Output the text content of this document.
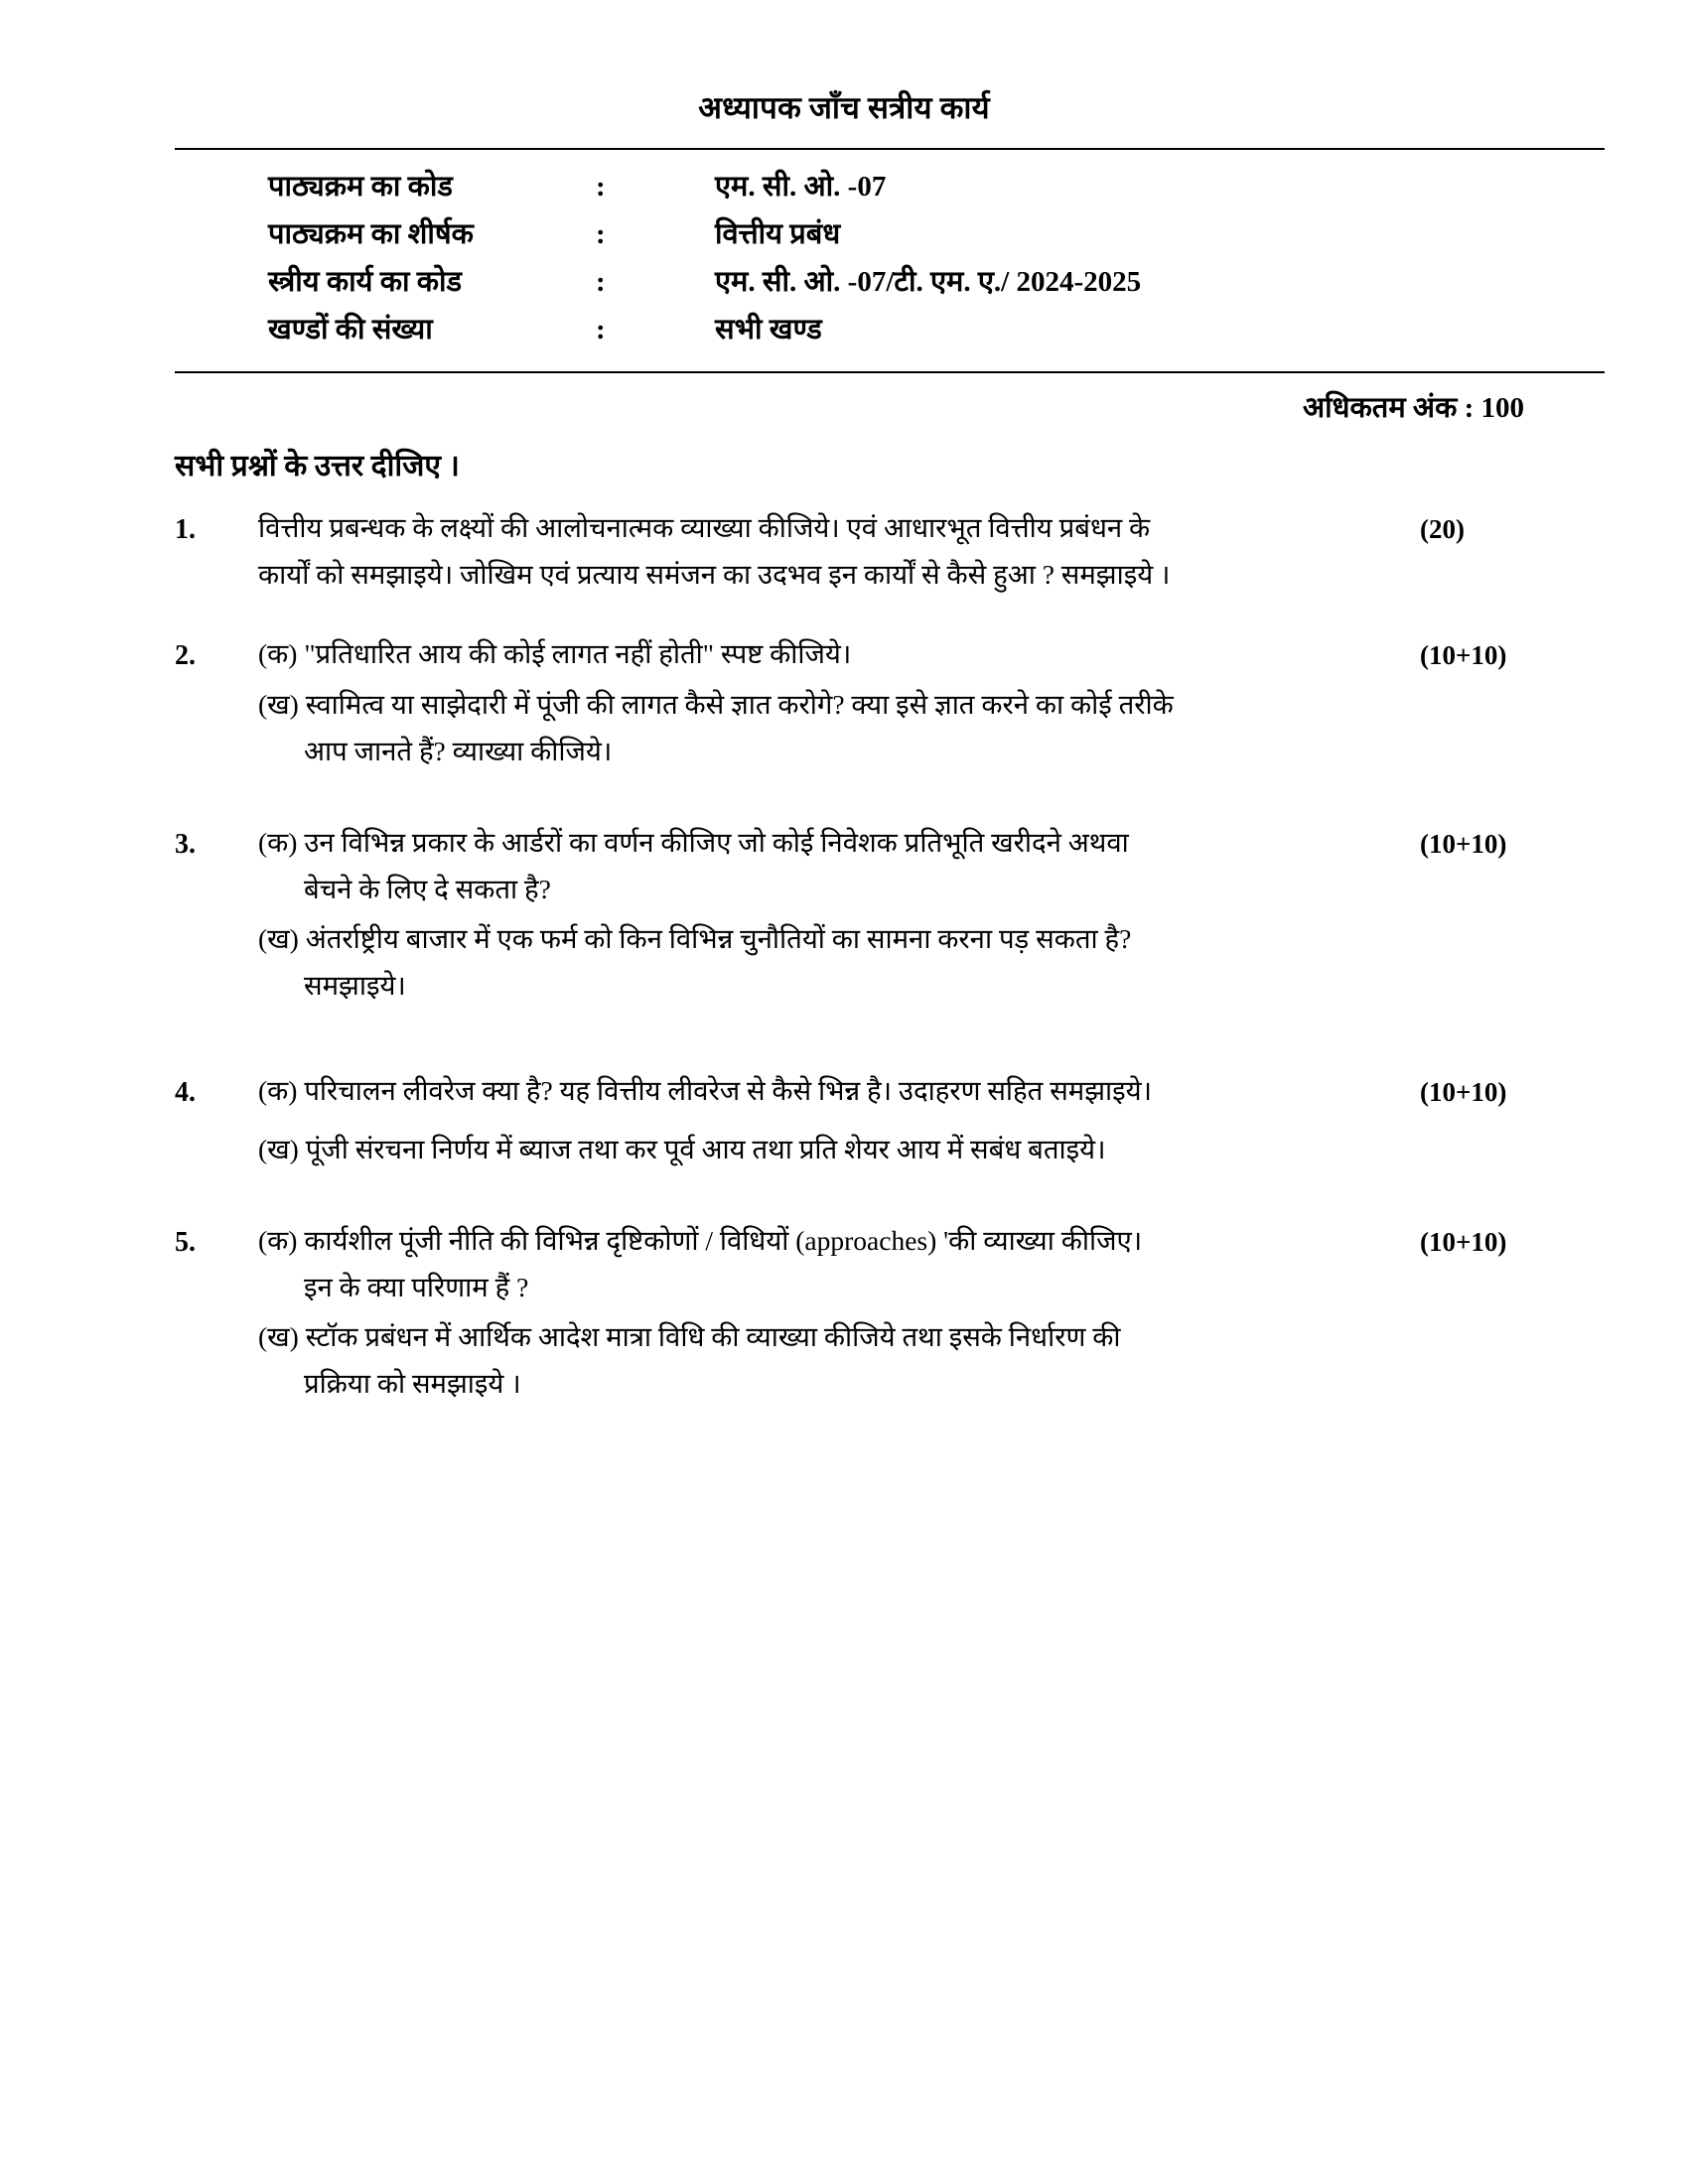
अध्यापक जाँच सत्रीय कार्य
पाठ्यक्रम का कोड	:	एम. सी. ओ. -07
पाठ्यक्रम का शीर्षक	:	वित्तीय प्रबंध
स्त्रीय कार्य का कोड	:	एम. सी. ओ. -07/टी. एम. ए./ 2024-2025
खण्डों की संख्या	:	सभी खण्ड
अधिकतम अंक : 100
सभी प्रश्नों के उत्तर दीजिए ।
1.	वित्तीय प्रबन्धक के लक्ष्यों की आलोचनात्मक व्याख्या कीजिये। एवं आधारभूत वित्तीय प्रबंधन के

कार्यों को समझाइये। जोखिम एवं प्रत्याय समंजन का उदभव इन कार्यों से कैसे हुआ ? समझाइये ।

(20)
2.	(क) "प्रतिधारित आय की कोई लागत नहीं होती" स्पष्ट कीजिये।

(ख) स्वामित्व या साझेदारी में पूंजी की लागत कैसे ज्ञात करोगे? क्या इसे ज्ञात करने का कोई तरीके

आप जानते हैं? व्याख्या कीजिये।

(10+10)
3.	(क) उन विभिन्न प्रकार के आर्डरों का वर्णन कीजिए जो कोई निवेशक प्रतिभूति खरीदने अथवा

बेचने के लिए दे सकता है?

(ख) अंतर्राष्ट्रीय बाजार में एक फर्म को किन विभिन्न चुनौतियों का सामना करना पड़ सकता है?

समझाइये।

(10+10)
4.	(क) परिचालन लीवरेज क्या है? यह वित्तीय लीवरेज से कैसे भिन्न है। उदाहरण सहित समझाइये।

(ख) पूंजी संरचना निर्णय में ब्याज तथा कर पूर्व आय तथा प्रति शेयर आय में सबंध बताइये।

(10+10)
5.	(क) कार्यशील पूंजी नीति की विभिन्न दृष्टिकोणों / विधियों (approaches) 'की व्याख्या कीजिए।

इन के क्या परिणाम हैं ?

(ख) स्टॉक प्रबंधन में आर्थिक आदेश मात्रा विधि की व्याख्या कीजिये तथा इसके निर्धारण की

प्रक्रिया को समझाइये ।

(10+10)
